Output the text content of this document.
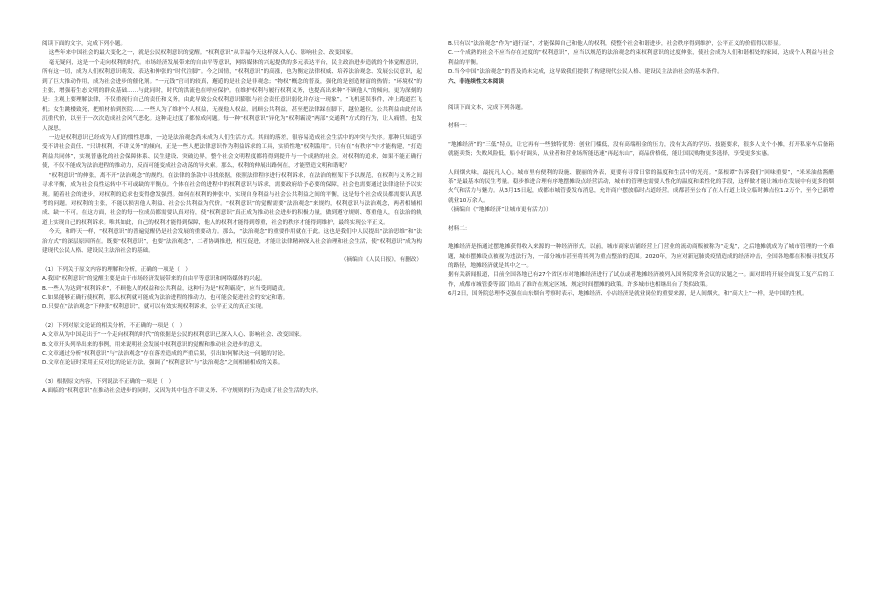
阅读下面的文字，完成下列小题。

这些年来中国社会的最大变化之一，就是公民权利意识的觉醒。“权利意识”从幸福今天这样深入人心、影响社会、改变国家。

毫无疑问，这是一个走向权利的时代。市场经济发展带来的自由平等意识，网络媒体的兴起提供的多元表达平台，民主政治进步造就的个体觉醒意识，所有这一切，成为人们权利意识萌发、表达和伸张的“时代注脚”。今之国情，“权利意识”的高涨，也为衡定法律权威、培养法治观念、发展公民意识，起到了巨大推动作用，成为社会进步的催化剂。“一元钱”官司的较真，邂逅的是社会是非观念；“物权”概念的普及，强化的是创造财富的热情；“环境权”的主张，增强着生态文明的群众基础……与此同时，时代的洪流也在呼应保护。在维护权利与履行权利义务，也提高出来种“不顾他人”的倾向。更为深刻的是：主观上要理解法律，不仅重视行自己的责任和义务，由此导致公众权利意识膨胀与社会责任意识弱化并存这一现象”。“飞机延误事件，冲上跑道拦飞机；女生跳楼致死，把棺材抬到医院……一些人为了维护个人权益，无视他人权益，屑顾公共利益，甚至把法律踩在脚下，越位越位，公共利益由此付出沉重代价，以至于一次次造成社会风气恶化。这种走过度了都惊成问题。每一种“权利意识”异化为“权利霸凌”两部“交通利”方式的行为，让人痛惜，也发人深思。

一边是权利意识已经成为人们的惯性思维，一边是法治观念尚未成为人们生活方式。其间的落差，很容易造成社会生活中的冲突与失序。那种只知道享受不讲社会责任、“只讲权利，不讲义务”的倾向，正是一些人把法律意识作为利益诉求的工具，实质性地“权利滥用”。只有在“有秩序”中才能构建，“打造利益共同体”，实现普惠化的社会保障体系、民生建设、突破边界，整个社会文明程度都将得到提升与一个成熟的社会。对权利的追求，如果不能正确行使，不仅不能成为法治进程的推动力，反而可能变成社会动荡的导火索。那么，权利的伸展出路何在，才能塑造文明和谐呢？

“权利意识”的伸张，离不开“法治观念”的规约。在法律的条款中寻找依据，依照法律程序进行权利诉求，在法治的框架下予以规范，在权利与义务之间寻求平衡，成为社会良性运转中不可或缺的平衡点。个体在社会的进程中的权利意识与诉求，需要政府给予必要的保障，社会也需要通过法律途径予以实现。随着社会的进步，对权利的追求也变得愈发强烈。如何在权利的伸张中，实现自身利益与社会公共利益之间的平衡，这是每个社会成员都需要认真思考的问题。对权利的主张，不能以损害他人利益、社会公共利益为代价。“权利意识”的觉醒需要“法治观念”来规约，权利意识与法治观念，两者相辅相成、缺一不可。在这方面，社会的每一位成员都需要认真对待，使“权利意识”真正成为推动社会进步的积极力量，做到遵守规则、尊重他人，在法治的轨道上实现自己的权利诉求。唯其如此，自己的权利才能得到保障，他人的权利才能得到尊重，社会的秩序才能得到维护，最终实现公平正义。

今天，和昨天一样，“权利意识”的普遍觉醒仍是社会发展的重要动力。那么，“法治观念”的重要作用就在于此。这也是我们中人民提出“法治思维”和“法治方式”的深层原因所在。既要“权利意识”，也要“法治观念”，二者协调推进，相互促进，才能让法律精神深入社会治理和社会生活，使“权利意识”成为构建现代公民人格、建设民主法治社会的基础。

（摘编自《人民日报》，有删改）

（1）下列关于原文内容的理解和分析，正确的一项是（　）

A.我国“权利意识”的觉醒主要是由于市场经济发展带来的自由平等意识和网络媒体的兴起。

B.一些人为达到“权利诉求”，不顾他人的权益和公共利益，这种行为是“权利霸凌”，应当受到谴责。

C.如果能够正确行使权利，那么权利就可能成为法治进程的推动力，也可能会促进社会的安定和谐。

D.只要在“法治观念”下伸张“权利意识”，就可以有效实现权利诉求，公平正义的真正实现。

（2）下列对原文论证的相关分析，不正确的一项是（　）

A.文章从为中国走出于“一个走向权利的时代”的依据是公民的权利意识已深入人心、影响社会、改变国家。

B.文章开头列举出来的事例，用来说明社会发展中权利意识的觉醒和推动社会进步的意义。

C.文章通过分析“权利意识”与“法治观念”存在落差造成的严重后果，引出如何解决这一问题的讨论。

D.文章在论证时采用正反对比的论证方法，强调了“权利意识”与“法治观念”之间相辅相成的关系。

（3）根据原文内容，下列说法不正确的一项是（　）

A.面临的“权利意识”在推动社会进步的同时，又因为其中包含不讲义务、不守规则的行为造成了社会生活的失序。

B.只有以“法治观念”作为“通行证”，才能保障自己和他人的权利，使整个社会和谐进步，社会秩序得到维护，公平正义的价值得以彰显。

C.一个成熟的社会不应当存在过度的“权利意识”，应当以规范的法治观念约束权利意识的过度伸张，使社会成为人们和谐相处的家园，达成个人利益与社会利益的平衡。

D.当今中国“法治观念”的普及尚未完成，这导致我们提供了构建现代公民人格、建设民主法治社会的基本条件。

六、非连续性文本阅读

阅读下面文本，完成下列各题。

材料一：

“地摊经济”的“三低”特点，让它再有一些独特优势：创业门槛低，没有高端租金的压力，没有太高的学历、技能要求，很多人支个小摊，打开私家车后备箱就能卖货；失败风险低，船小好调头，从业者和营业场所能迅速“再起东山”，商品价格低，能让国民购物更多选择，享受更多实惠。

人间烟火味，最抚凡人心。城市里有便利的设施、靓丽的外表，更要有寻常日常的温度和生活中的光亮。“菜根谭”告诉我们“回味重要”，“米米油盐酱醋茶”是最基本的民生考量。稳步推进合理有序地摆摊设点经营活动，城市的管理也需要人性化的温度和柔性化的手段，这样做才能让城市在发展中有更多的烟火气和活力与魅力。从3月15日起，成都市城管委发布消息，允许商户摆放临时占道经营。成都甚至公布了在人行道上设立临时摊点位1.2万个，至今已新增就业10万余人。

（摘编自《“地摊经济”让城市更有活力》）

材料二：

地摊经济是指通过摆地摊获得收入来源的一种经济形式。以前，城市商家店铺经营上门营业的流动商贩被称为“走鬼”，之后地摊就成为了城市管理的一个难题，城市摆摊设点被视为违法行为，一部分城市甚至将其列为重点整治的范围。2020年，为应对新冠肺炎疫情造成的经济冲击，全国各地都在积极寻找复苏的路径，地摊经济就是其中之一。

据有关新闻报道，目前全国各地已有27个省区市对地摊经济进行了试点或者地摊经济被列入国务院常务会议的议题之一。面对即将开展全面复工复产后的工作，成都市城管委等部门给出了准许在规定区域、规定时间摆摊的政策。许多城市也相继出台了类似政策。

6月2日，国务院总理李克强在山东烟台考察时表示，地摊经济、小店经济是就业岗位的重要来源，是人间烟火，和“高大上”一样，是中国的生机。
